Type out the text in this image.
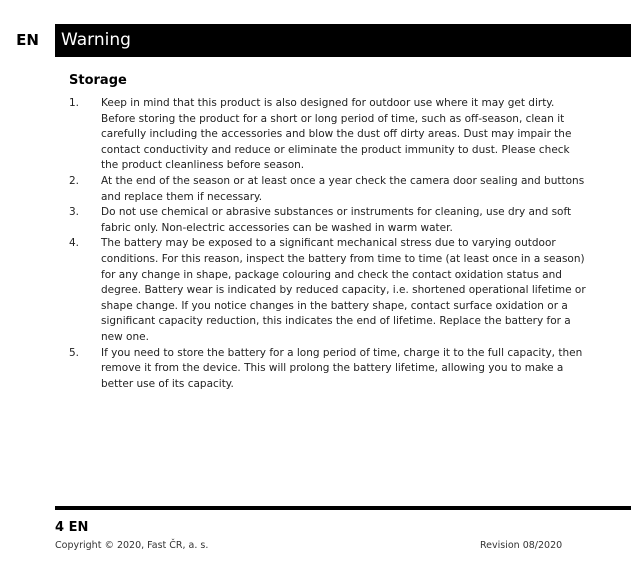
EN	Warning
Storage
1. Keep in mind that this product is also designed for outdoor use where it may get dirty. Before storing the product for a short or long period of time, such as off-season, clean it carefully including the accessories and blow the dust off dirty areas. Dust may impair the contact conductivity and reduce or eliminate the product immunity to dust. Please check the product cleanliness before season.
2. At the end of the season or at least once a year check the camera door sealing and buttons and replace them if necessary.
3. Do not use chemical or abrasive substances or instruments for cleaning, use dry and soft fabric only. Non-electric accessories can be washed in warm water.
4. The battery may be exposed to a significant mechanical stress due to varying outdoor conditions. For this reason, inspect the battery from time to time (at least once in a season) for any change in shape, package colouring and check the contact oxidation status and degree. Battery wear is indicated by reduced capacity, i.e. shortened operational lifetime or shape change. If you notice changes in the battery shape, contact surface oxidation or a significant capacity reduction, this indicates the end of lifetime. Replace the battery for a new one.
5. If you need to store the battery for a long period of time, charge it to the full capacity, then remove it from the device. This will prolong the battery lifetime, allowing you to make a better use of its capacity.
4 EN
Copyright © 2020, Fast ČR, a. s.	Revision 08/2020
